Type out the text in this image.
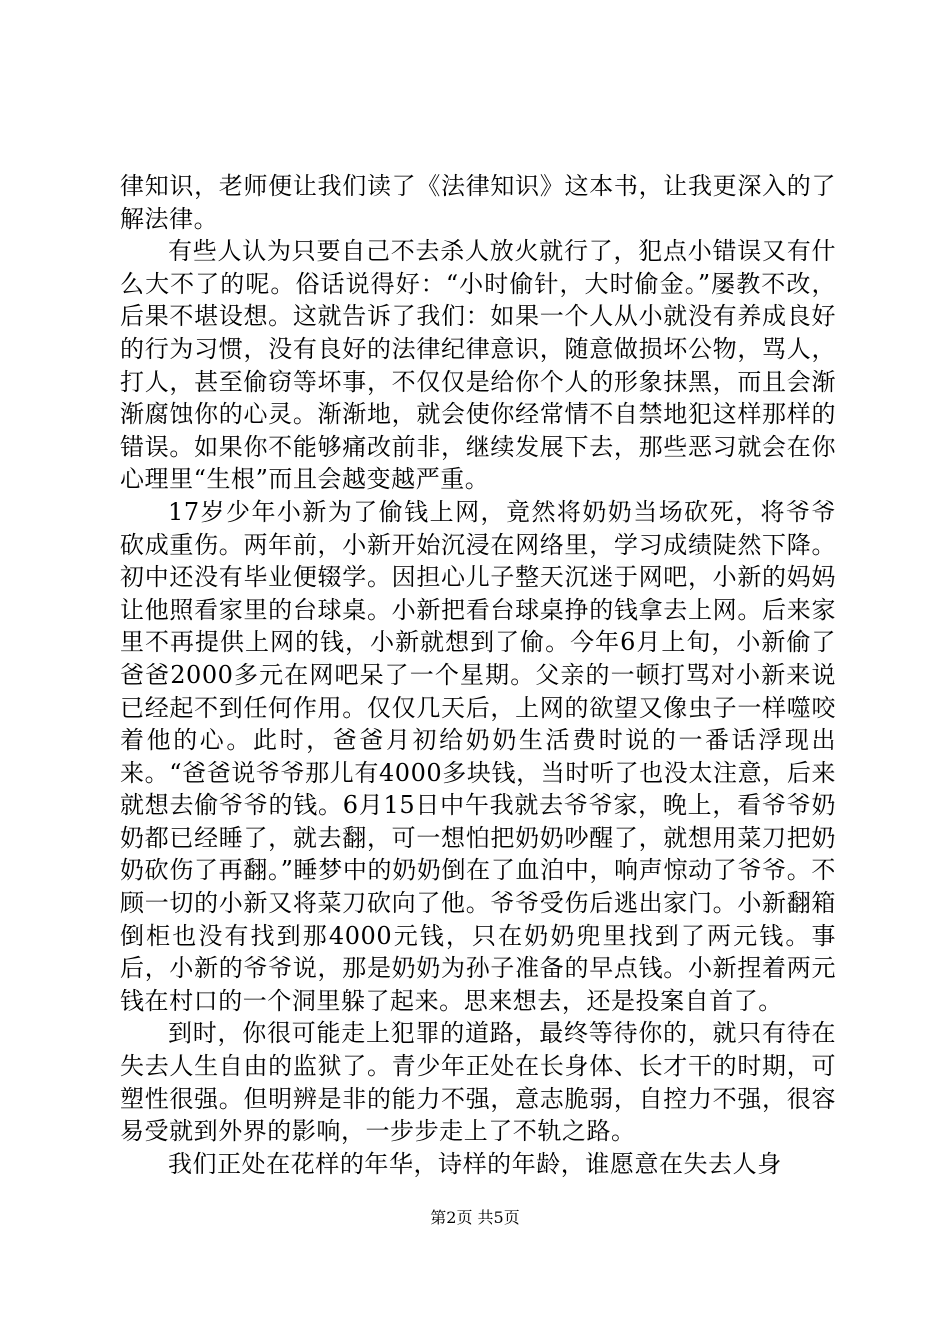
律知识，老师便让我们读了《法律知识》这本书，让我更深入的了解法律。

有些人认为只要自己不去杀人放火就行了，犯点小错误又有什么大不了的呢。俗话说得好：“小时偷针，大时偷金。”屡教不改，后果不堪设想。这就告诉了我们：如果一个人从小就没有养成良好的行为习惯，没有良好的法律纪律意识，随意做损坏公物，骂人，打人，甚至偷窃等坏事，不仅仅是给你个人的形象抹黑，而且会渐渐腐蚀你的心灵。渐渐地，就会使你经常情不自禁地犯这样那样的错误。如果你不能够痛改前非，继续发展下去，那些恶习就会在你心理里“生根”而且会越变越严重。

17岁少年小新为了偷钱上网，竟然将奶奶当场砍死，将爷爷砍成重伤。两年前，小新开始沉浸在网络里，学习成绩陡然下降。初中还没有毕业便辍学。因担心儿子整天沉迷于网吧，小新的妈妈让他照看家里的台球桌。小新把看台球桌挣的钱拿去上网。后来家里不再提供上网的钱，小新就想到了偷。今年6月上旬，小新偷了爸爸2000多元在网吧呆了一个星期。父亲的一顿打骂对小新来说已经起不到任何作用。仅仅几天后，上网的欲望又像虫子一样噬咬着他的心。此时，爸爸月初给奶奶生活费时说的一番话浮现出来。“爸爸说爷爷那儿有4000多块钱，当时听了也没太注意，后来就想去偷爷爷的钱。6月15日中午我就去爷爷家，晚上，看爷爷奶奶都已经睡了，就去翻，可一想怕把奶奶吵醒了，就想用菜刀把奶奶砍伤了再翻。”睡梦中的奶奶倒在了血泊中，响声惊动了爷爷。不顾一切的小新又将菜刀砍向了他。爷爷受伤后逃出家门。小新翻箱倒柜也没有找到那4000元钱，只在奶奶兜里找到了两元钱。事后，小新的爷爷说，那是奶奶为孙子准备的早点钱。小新捏着两元钱在村口的一个洞里躲了起来。思来想去，还是投案自首了。

到时，你很可能走上犯罪的道路，最终等待你的，就只有待在失去人生自由的监狱了。青少年正处在长身体、长才干的时期，可塑性很强。但明辨是非的能力不强，意志脆弱，自控力不强，很容易受就到外界的影响，一步步走上了不轨之路。

我们正处在花样的年华，诗样的年龄，谁愿意在失去人身

第2页 共5页
